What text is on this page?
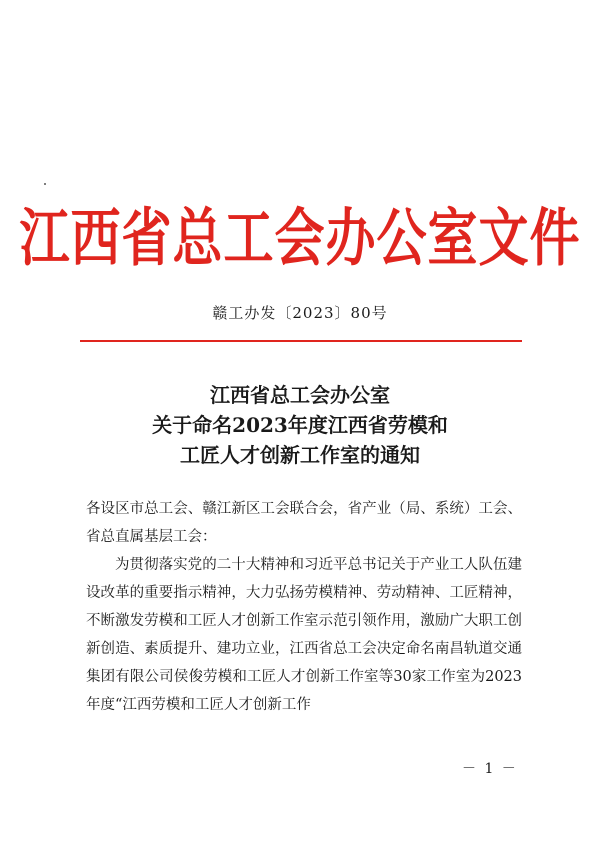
江西省总工会办公室文件
赣工办发〔2023〕80号
江西省总工会办公室
关于命名2023年度江西省劳模和
工匠人才创新工作室的通知

各设区市总工会、赣江新区工会联合会，省产业（局、系统）工会、省总直属基层工会：

为贯彻落实党的二十大精神和习近平总书记关于产业工人队伍建设改革的重要指示精神，大力弘扬劳模精神、劳动精神、工匠精神，不断激发劳模和工匠人才创新工作室示范引领作用，激励广大职工创新创造、素质提升、建功立业，江西省总工会决定命名南昌轨道交通集团有限公司侯俊劳模和工匠人才创新工作室等30家工作室为2023年度“江西劳模和工匠人才创新工作

－ 1 －
